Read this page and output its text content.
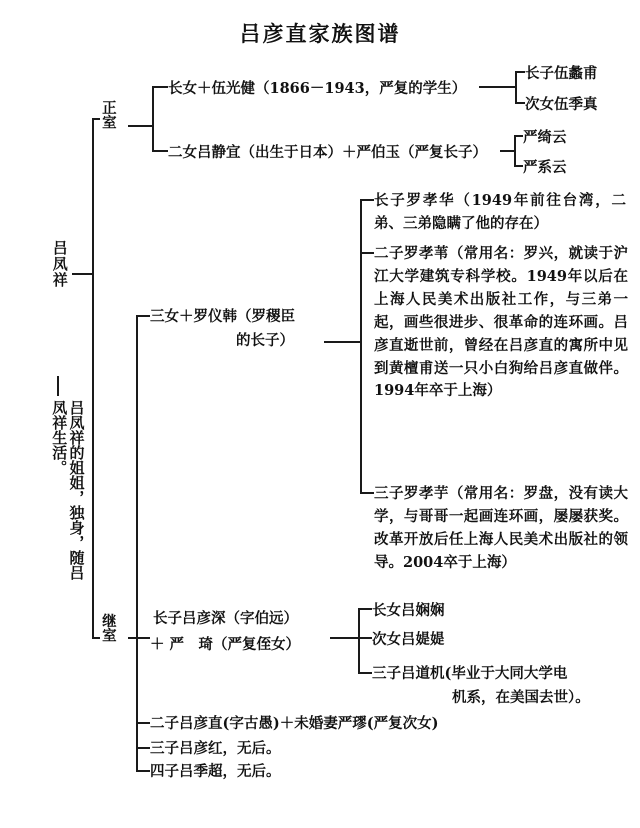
吕彦直家族图谱
吕凤祥
吕凤祥的姐姐，独身，随吕凤祥生活。
正室
长女＋伍光健（1866－1943，严复的学生）
长子伍蠡甫
次女伍季真
二女吕静宜（出生于日本）＋严伯玉（严复长子）
严绮云
严系云
继室
三女＋罗仪韩（罗稷臣
的长子）
长子罗孝华（1949年前往台湾，二弟、三弟隐瞒了他的存在）
二子罗孝苇（常用名：罗兴，就读于沪江大学建筑专科学校。1949年以后在上海人民美术出版社工作，与三弟一起，画些很进步、很革命的连环画。吕彦直逝世前，曾经在吕彦直的寓所中见到黄檀甫送一只小白狗给吕彦直做伴。1994年卒于上海）
三子罗孝芋（常用名：罗盘，没有读大学，与哥哥一起画连环画，屡屡获奖。改革开放后任上海人民美术出版社的领导。2004卒于上海）
长子吕彦深（字伯远）
＋ 严　琦（严复侄女）
长女吕娴娴
次女吕媞媞
三子吕道机(毕业于大同大学电
机系，在美国去世）。
二子吕彦直(字古愚)＋未婚妻严璆(严复次女)
三子吕彦红，无后。
四子吕季超，无后。
